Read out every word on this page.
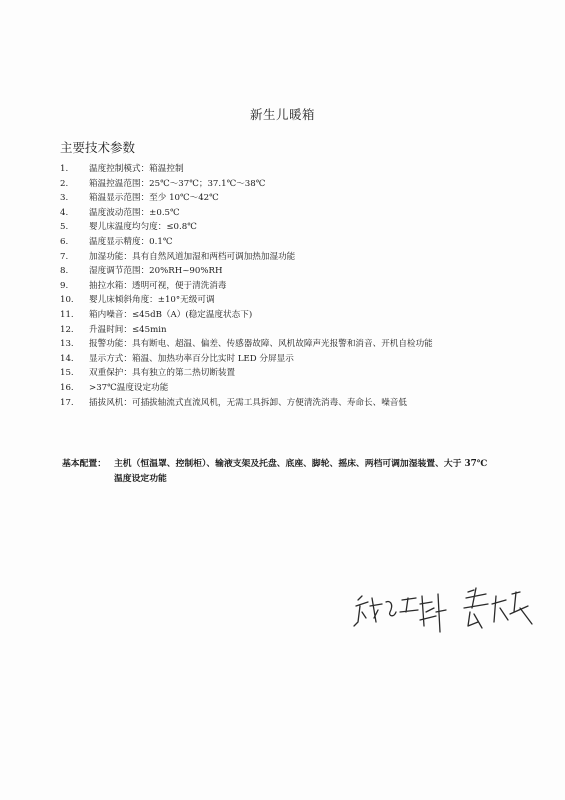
新生儿暖箱
主要技术参数
1.	温度控制模式：箱温控制
2.	箱温控温范围：25℃～37℃；37.1℃～38℃
3.	箱温显示范围：至少 10℃～42℃
4.	温度波动范围：±0.5℃
5.	婴儿床温度均匀度：≤0.8℃
6.	温度显示精度：0.1℃
7.	加湿功能：具有自然风道加湿和两档可调加热加湿功能
8.	湿度调节范围：20%RH~90%RH
9.	抽拉水箱：透明可视，便于清洗消毒
10.	婴儿床倾斜角度：±10°无级可调
11.	箱内噪音：≤45dB（A）(稳定温度状态下)
12.	升温时间：≤45min
13.	报警功能：具有断电、超温、偏差、传感器故障、风机故障声光报警和消音、开机自检功能
14.	显示方式：箱温、加热功率百分比实时 LED 分屏显示
15.	双重保护：具有独立的第二热切断装置
16.	>37℃温度设定功能
17.	插拔风机：可插拔轴流式直流风机，无需工具拆卸、方便清洗消毒、寿命长、噪音低
基本配置： 主机（恒温罩、控制柜）、输液支架及托盘、底座、脚轮、摇床、两档可调加湿装置、大于 37℃温度设定功能
